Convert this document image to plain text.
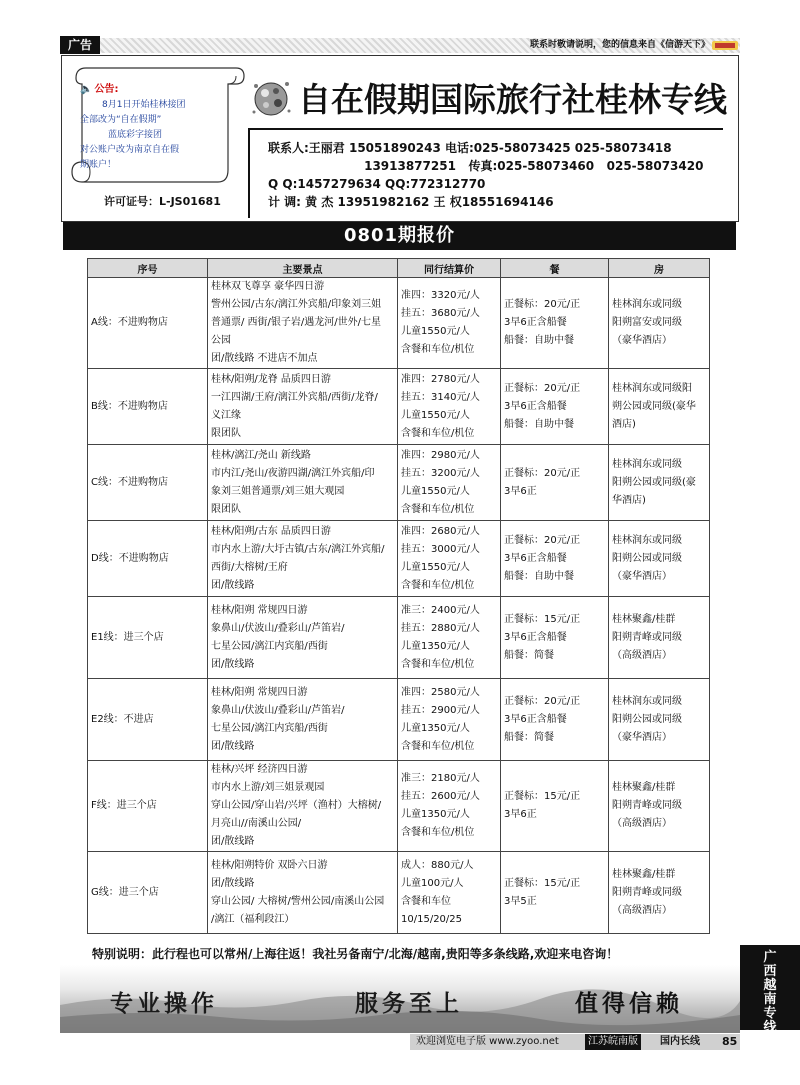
广告	联系时敬请说明，您的信息来自《信游天下》
🔈 公告:
8月1日开始桂林接团
全部改为“自在假期”
蓝底彩字接团
对公账户改为南京自在假
期账户！
许可证号：L-JS01681
自在假期国际旅行社桂林专线
联系人:王丽君 15051890243 电话:025-58073425 025-58073418
13913877251   传真:025-58073460   025-58073420
Q Q:1457279634 QQ:772312770
计 调: 黄 杰 13951982162 王 权18551694146
0801期报价
序号	主要景点	同行结算价	餐	房
A线：不进购物店	桂林双飞尊享 豪华四日游
訾州公园/古东/漓江外宾船/印象刘三姐
普通票/ 西街/银子岩/遇龙河/世外/七星
公园
团/散线路 不进店不加点	准四：3320元/人
挂五：3680元/人
儿童1550元/人
含餐和车位/机位	正餐标：20元/正
3早6正含船餐
船餐：自助中餐	桂林润东或同级
阳朔富安或同级
（豪华酒店）
B线：不进购物店	桂林/阳朔/龙脊 品质四日游
一江四湖/王府/漓江外宾船/西街/龙脊/
义江缘
限团队	准四：2780元/人
挂五：3140元/人
儿童1550元/人
含餐和车位/机位	正餐标：20元/正
3早6正含船餐
船餐：自助中餐	桂林润东或同级阳
朔公园或同级(豪华
酒店)
C线：不进购物店	桂林/漓江/尧山 新线路
市内江/尧山/夜游四湖/漓江外宾船/印
象刘三姐普通票/刘三姐大观园
限团队	准四：2980元/人
挂五：3200元/人
儿童1550元/人
含餐和车位/机位	正餐标：20元/正
3早6正	桂林润东或同级
阳朔公园或同级(豪
华酒店)
D线：不进购物店	桂林/阳朔/古东 品质四日游
市内水上游/大圩古镇/古东/漓江外宾船/
西街/大榕树/王府
团/散线路	准四：2680元/人
挂五：3000元/人
儿童1550元/人
含餐和车位/机位	正餐标：20元/正
3早6正含船餐
船餐：自助中餐	桂林润东或同级
阳朔公园或同级
（豪华酒店）
E1线：进三个店	桂林/阳朔 常规四日游
象鼻山/伏波山/叠彩山/芦笛岩/
七星公园/漓江内宾船/西街
团/散线路	准三：2400元/人
挂五：2880元/人
儿童1350元/人
含餐和车位/机位	正餐标：15元/正
3早6正含船餐
船餐：简餐	桂林聚鑫/桂群
阳朔青峰或同级
（高级酒店）
E2线：不进店	桂林/阳朔 常规四日游
象鼻山/伏波山/叠彩山/芦笛岩/
七星公园/漓江内宾船/西街
团/散线路	准四：2580元/人
挂五：2900元/人
儿童1350元/人
含餐和车位/机位	正餐标：20元/正
3早6正含船餐
船餐：简餐	桂林润东或同级
阳朔公园或同级
（豪华酒店）
F线：进三个店	桂林/兴坪 经济四日游
市内水上游/刘三姐景观园
穿山公园/穿山岩/兴坪（渔村）大榕树/
月亮山//南溪山公园/
团/散线路	准三：2180元/人
挂五：2600元/人
儿童1350元/人
含餐和车位/机位	正餐标：15元/正
3早6正	桂林聚鑫/桂群
阳朔青峰或同级
（高级酒店）
G线：进三个店	桂林/阳朔特价 双卧六日游
团/散线路
穿山公园/ 大榕树/訾州公园/南溪山公园
/漓江（福利段江）	成人：880元/人
儿童100元/人
含餐和车位
10/15/20/25	正餐标：15元/正
3早5正	桂林聚鑫/桂群
阳朔青峰或同级
（高级酒店）
特别说明：此行程也可以常州/上海往返！我社另备南宁/北海/越南,贵阳等多条线路,欢迎来电咨询！
专业操作	服务至上	值得信赖
广西越南专线
欢迎浏览电子版 www.zyoo.net	江苏皖南版	国内长线 85
